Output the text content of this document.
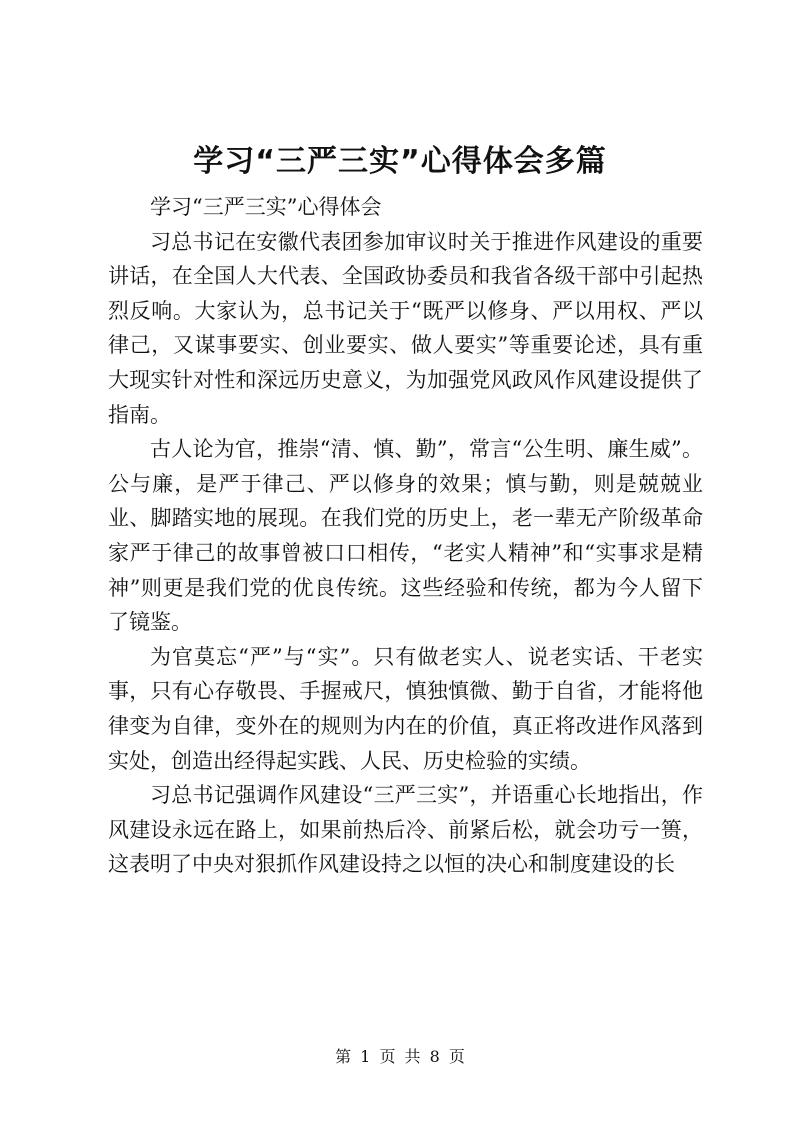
学习“三严三实”心得体会多篇

学习“三严三实”心得体会

习总书记在安徽代表团参加审议时关于推进作风建设的重要讲话，在全国人大代表、全国政协委员和我省各级干部中引起热烈反响。大家认为，总书记关于“既严以修身、严以用权、严以律己，又谋事要实、创业要实、做人要实”等重要论述，具有重大现实针对性和深远历史意义，为加强党风政风作风建设提供了指南。

古人论为官，推崇“清、慎、勤”，常言“公生明、廉生威”。公与廉，是严于律己、严以修身的效果；慎与勤，则是兢兢业业、脚踏实地的展现。在我们党的历史上，老一辈无产阶级革命家严于律己的故事曾被口口相传，“老实人精神”和“实事求是精神”则更是我们党的优良传统。这些经验和传统，都为今人留下了镜鉴。

为官莫忘“严”与“实”。只有做老实人、说老实话、干老实事，只有心存敬畏、手握戒尺，慎独慎微、勤于自省，才能将他律变为自律，变外在的规则为内在的价值，真正将改进作风落到实处，创造出经得起实践、人民、历史检验的实绩。

习总书记强调作风建设“三严三实”，并语重心长地指出，作风建设永远在路上，如果前热后冷、前紧后松，就会功亏一篑，这表明了中央对狠抓作风建设持之以恒的决心和制度建设的长

第 1 页 共 8 页
